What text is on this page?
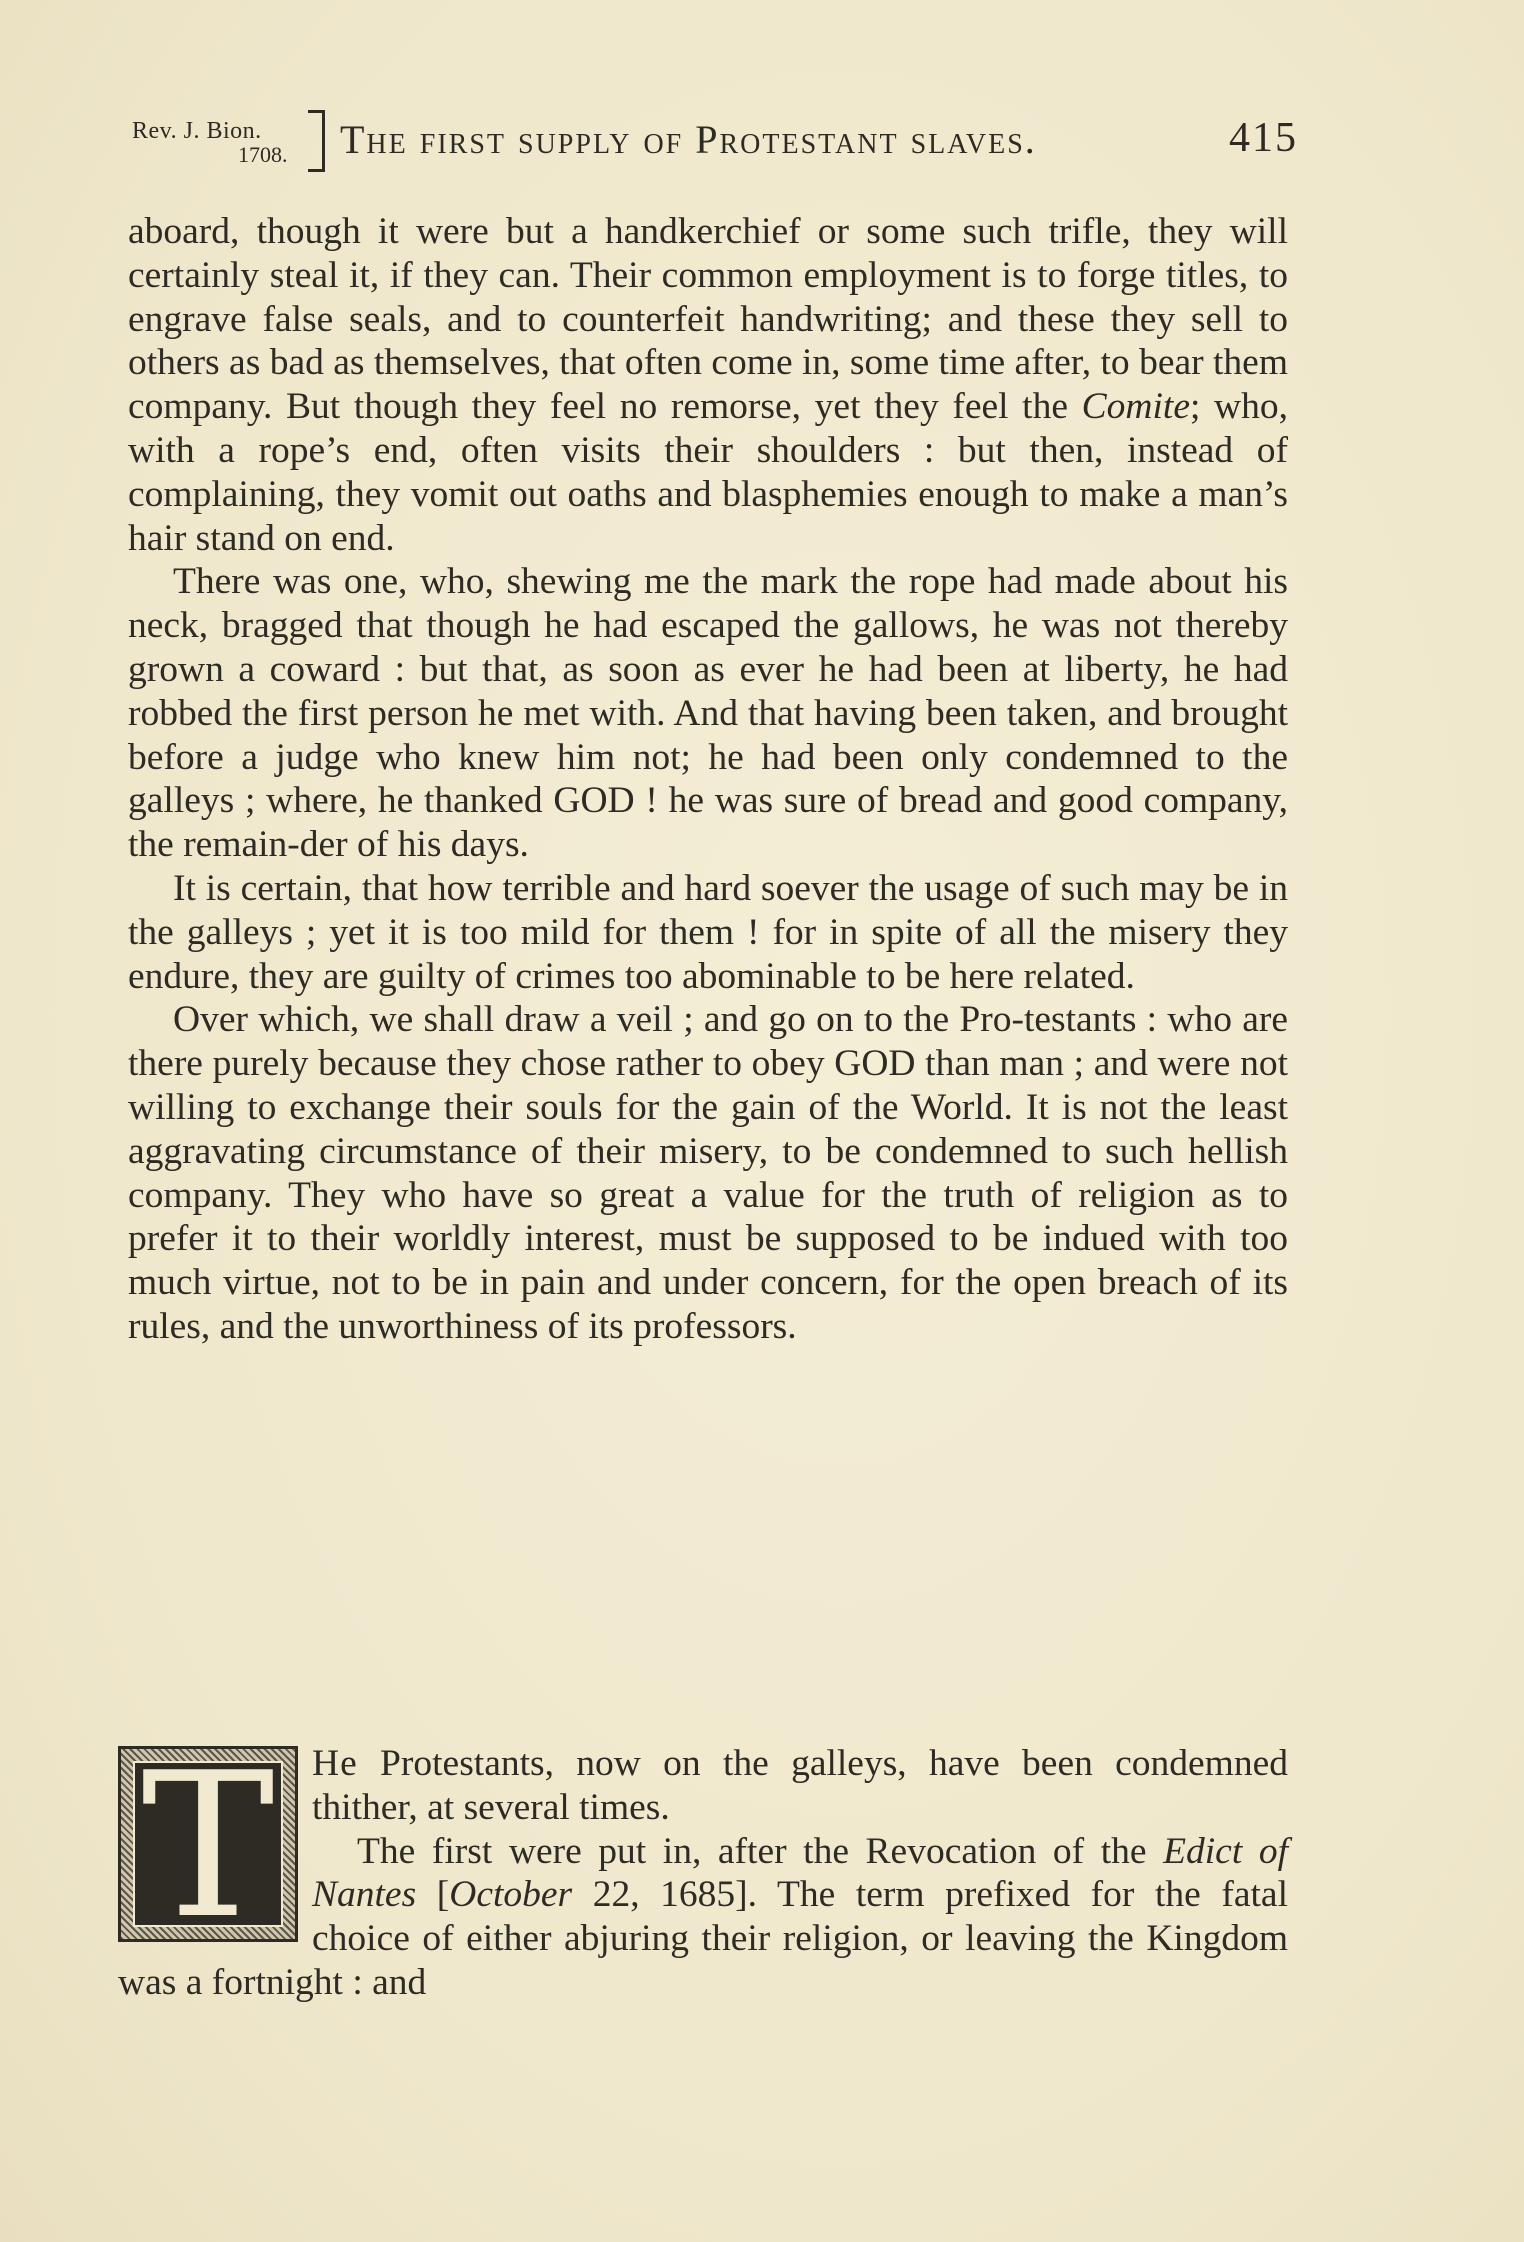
Rev. J. Bion.
1708. The first supply of Protestant slaves.	415

aboard, though it were but a handkerchief or some such trifle, they will certainly steal it, if they can. Their common employment is to forge titles, to engrave false seals, and to counterfeit handwriting; and these they sell to others as bad as themselves, that often come in, some time after, to bear them company. But though they feel no remorse, yet they feel the Comite; who, with a rope’s end, often visits their shoulders : but then, instead of complaining, they vomit out oaths and blasphemies enough to make a man’s hair stand on end.

There was one, who, shewing me the mark the rope had made about his neck, bragged that though he had escaped the gallows, he was not thereby grown a coward : but that, as soon as ever he had been at liberty, he had robbed the first person he met with. And that having been taken, and brought before a judge who knew him not; he had been only condemned to the galleys ; where, he thanked GOD ! he was sure of bread and good company, the remain-der of his days.

It is certain, that how terrible and hard soever the usage of such may be in the galleys ; yet it is too mild for them ! for in spite of all the misery they endure, they are guilty of crimes too abominable to be here related.

Over which, we shall draw a veil ; and go on to the Pro-testants : who are there purely because they chose rather to obey GOD than man ; and were not willing to exchange their souls for the gain of the World. It is not the least aggravating circumstance of their misery, to be condemned to such hellish company. They who have so great a value for the truth of religion as to prefer it to their worldly interest, must be supposed to be indued with too much virtue, not to be in pain and under concern, for the open breach of its rules, and the unworthiness of its professors.

T He Protestants, now on the galleys, have been condemned thither, at several times.

The first were put in, after the Revocation of the Edict of Nantes [October 22, 1685]. The term prefixed for the fatal choice of either abjuring their religion, or leaving the Kingdom was a fortnight : and
